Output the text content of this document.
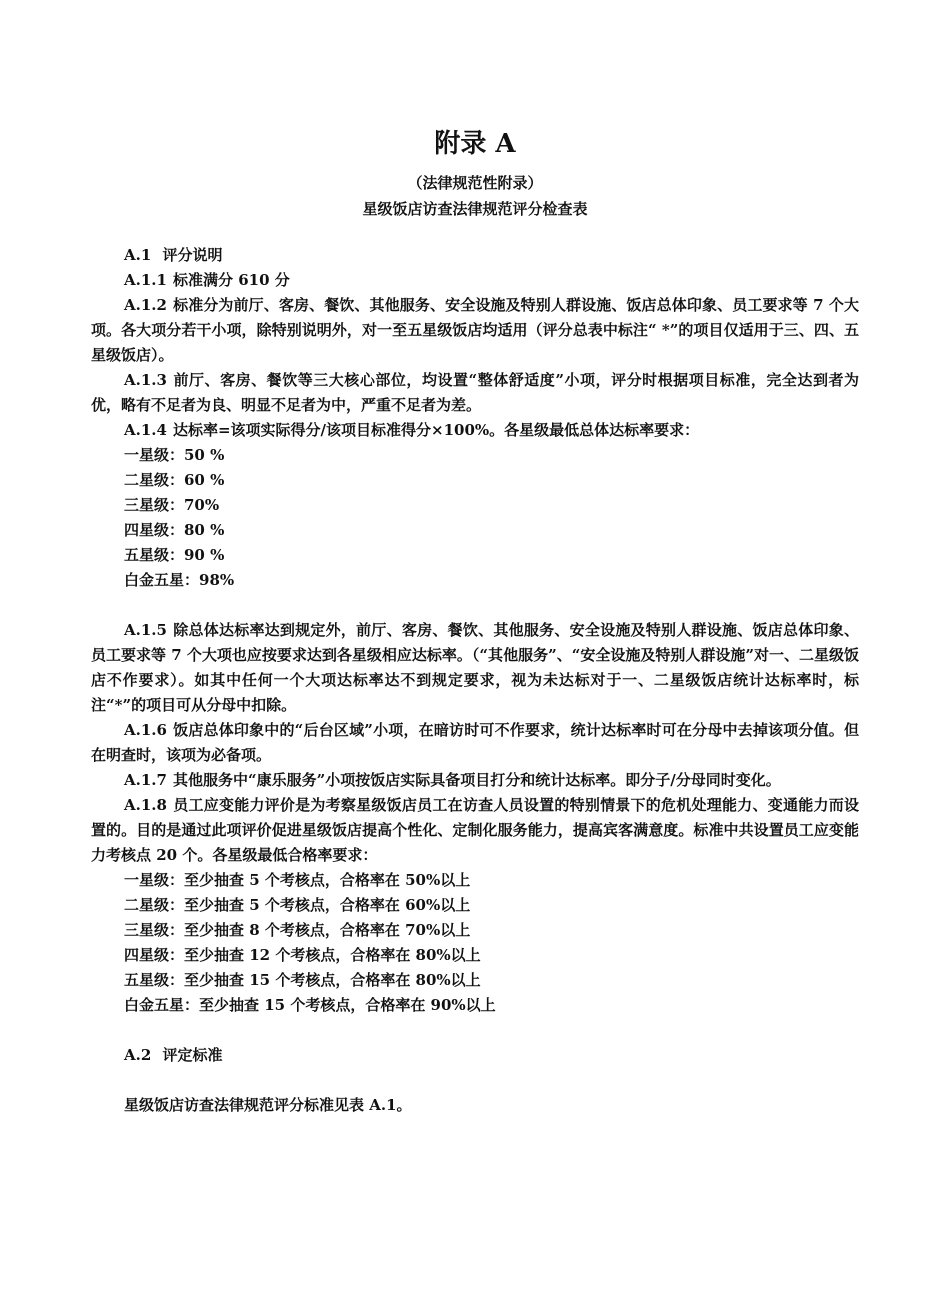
附录 A
（法律规范性附录）
星级饭店访查法律规范评分检查表

A.1 评分说明

A.1.1 标准满分 610 分

A.1.2 标准分为前厅、客房、餐饮、其他服务、安全设施及特别人群设施、饭店总体印象、员工要求等 7 个大项。各大项分若干小项，除特别说明外，对一至五星级饭店均适用（评分总表中标注“ *”的项目仅适用于三、四、五星级饭店）。

A.1.3 前厅、客房、餐饮等三大核心部位，均设置“整体舒适度”小项，评分时根据项目标准，完全达到者为优，略有不足者为良、明显不足者为中，严重不足者为差。

A.1.4 达标率=该项实际得分/该项目标准得分×100%。各星级最低总体达标率要求：

一星级：50 %

二星级：60 %

三星级：70%

四星级：80 %

五星级：90 %

白金五星：98%

A.1.5 除总体达标率达到规定外，前厅、客房、餐饮、其他服务、安全设施及特别人群设施、饭店总体印象、员工要求等 7 个大项也应按要求达到各星级相应达标率。（“其他服务”、“安全设施及特别人群设施”对一、二星级饭店不作要求）。如其中任何一个大项达标率达不到规定要求，视为未达标对于一、二星级饭店统计达标率时，标注“*”的项目可从分母中扣除。

A.1.6 饭店总体印象中的“后台区域”小项，在暗访时可不作要求，统计达标率时可在分母中去掉该项分值。但在明查时，该项为必备项。

A.1.7 其他服务中“康乐服务”小项按饭店实际具备项目打分和统计达标率。即分子/分母同时变化。

A.1.8 员工应变能力评价是为考察星级饭店员工在访查人员设置的特别情景下的危机处理能力、变通能力而设置的。目的是通过此项评价促进星级饭店提高个性化、定制化服务能力，提高宾客满意度。标准中共设置员工应变能力考核点 20 个。各星级最低合格率要求：

一星级：至少抽查 5 个考核点，合格率在 50%以上

二星级：至少抽查 5 个考核点，合格率在 60%以上

三星级：至少抽查 8 个考核点，合格率在 70%以上

四星级：至少抽查 12 个考核点，合格率在 80%以上

五星级：至少抽查 15 个考核点，合格率在 80%以上

白金五星：至少抽查 15 个考核点，合格率在 90%以上

A.2 评定标准

星级饭店访查法律规范评分标准见表 A.1。
